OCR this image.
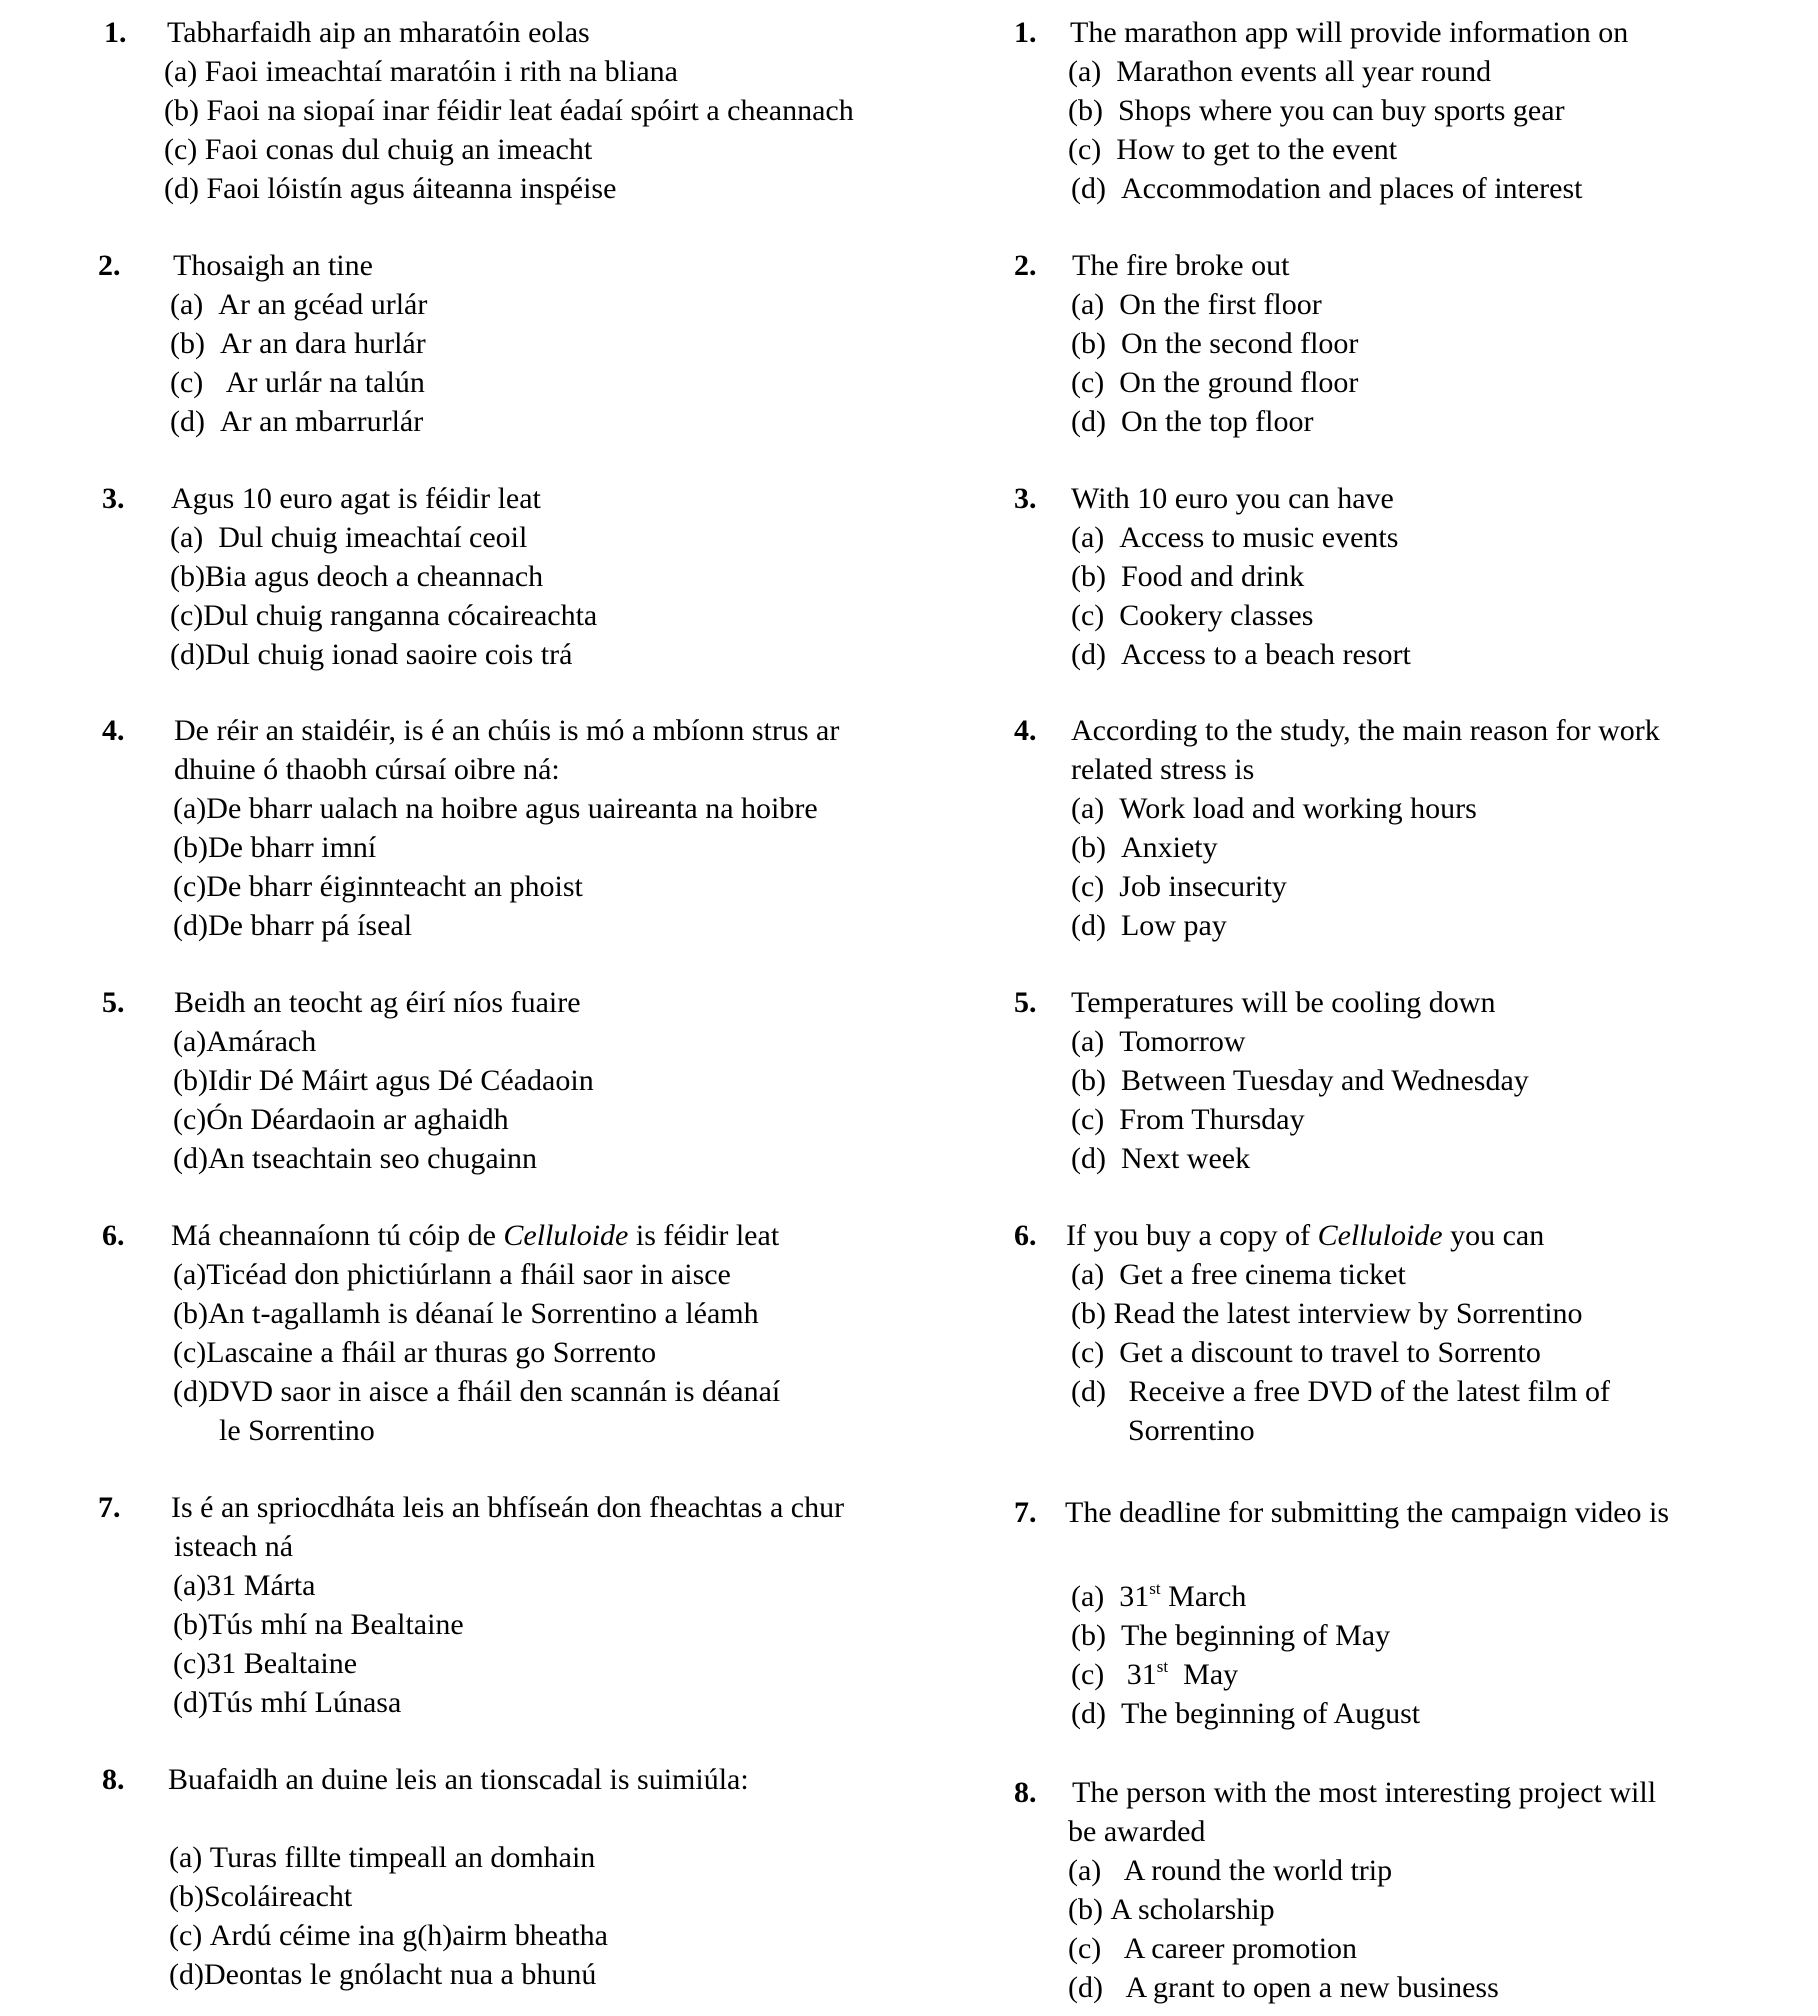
1. Tabharfaidh aip an mharatóin eolas
(a) Faoi imeachtaí maratóin i rith na bliana
(b) Faoi na siopaí inar féidir leat éadaí spóirt a cheannach
(c) Faoi conas dul chuig an imeacht
(d) Faoi lóistín agus áiteanna inspéise
2. Thosaigh an tine
(a) Ar an gcéad urlár
(b) Ar an dara hurlár
(c) Ar urlár na talún
(d) Ar an mbarrurlár
3. Agus 10 euro agat is féidir leat
(a) Dul chuig imeachtaí ceoil
(b)Bia agus deoch a cheannach
(c)Dul chuig ranganna cócaireachta
(d)Dul chuig ionad saoire cois trá
4. De réir an staidéir, is é an chúis is mó a mbíonn strus ar
dhuine ó thaobh cúrsaí oibre ná:
(a)De bharr ualach na hoibre agus uaireanta na hoibre
(b)De bharr imní
(c)De bharr éiginnteacht an phoist
(d)De bharr pá íseal
5. Beidh an teocht ag éirí níos fuaire
(a)Amárach
(b)Idir Dé Máirt agus Dé Céadaoin
(c)Ón Déardaoin ar aghaidh
(d)An tseachtain seo chugainn
6. Má cheannaíonn tú cóip de Celluloide is féidir leat
(a)Ticéad don phictiúrlann a fháil saor in aisce
(b)An t-agallamh is déanaí le Sorrentino a léamh
(c)Lascaine a fháil ar thuras go Sorrento
(d)DVD saor in aisce a fháil den scannán is déanaí
le Sorrentino
7. Is é an spriocdháta leis an bhfíseán don fheachtas a chur
isteach ná
(a)31 Márta
(b)Tús mhí na Bealtaine
(c)31 Bealtaine
(d)Tús mhí Lúnasa
8. Buafaidh an duine leis an tionscadal is suimiúla:
(a) Turas fillte timpeall an domhain
(b)Scoláireacht
(c) Ardú céime ina g(h)airm bheatha
(d)Deontas le gnólacht nua a bhunú
1. The marathon app will provide information on
(a) Marathon events all year round
(b) Shops where you can buy sports gear
(c) How to get to the event
(d) Accommodation and places of interest
2. The fire broke out
(a) On the first floor
(b) On the second floor
(c) On the ground floor
(d) On the top floor
3. With 10 euro you can have
(a) Access to music events
(b) Food and drink
(c) Cookery classes
(d) Access to a beach resort
4. According to the study, the main reason for work
related stress is
(a) Work load and working hours
(b) Anxiety
(c) Job insecurity
(d) Low pay
5. Temperatures will be cooling down
(a) Tomorrow
(b) Between Tuesday and Wednesday
(c) From Thursday
(d) Next week
6. If you buy a copy of Celluloide you can
(a) Get a free cinema ticket
(b) Read the latest interview by Sorrentino
(c) Get a discount to travel to Sorrento
(d) Receive a free DVD of the latest film of
Sorrentino
7. The deadline for submitting the campaign video is
(a) 31st March
(b) The beginning of May
(c) 31st  May
(d) The beginning of August
8. The person with the most interesting project will
be awarded
(a) A round the world trip
(b) A scholarship
(c) A career promotion
(d) A grant to open a new business
